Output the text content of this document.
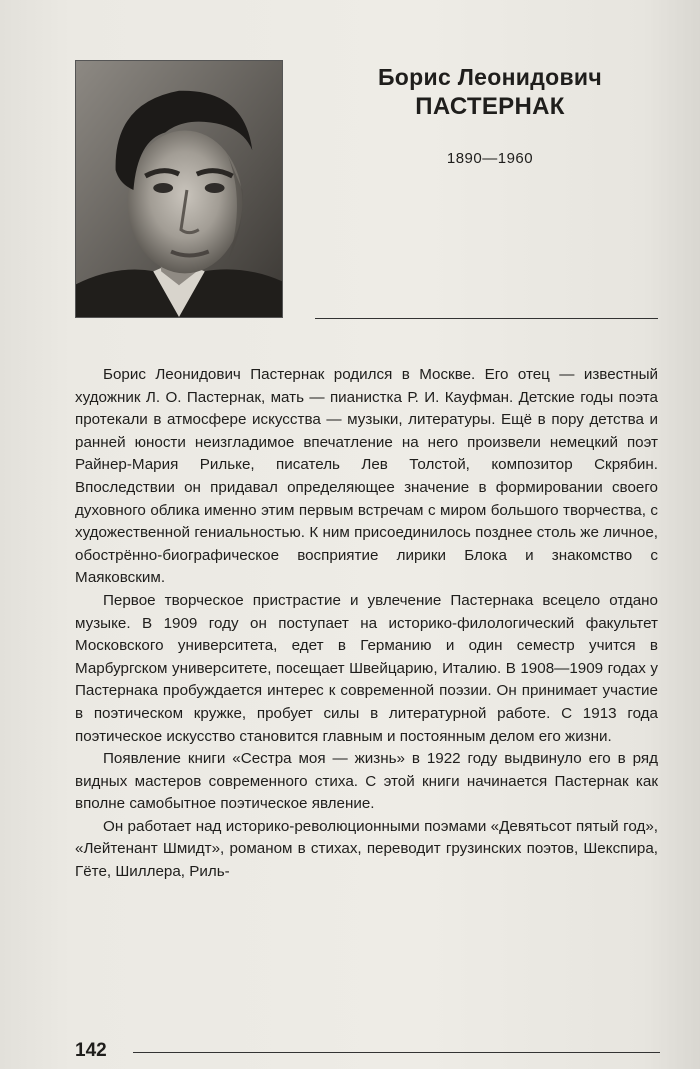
Борис Леонидович
ПАСТЕРНАК
1890—1960

Борис Леонидович Пастернак родился в Москве. Его отец — известный художник Л. О. Пастернак, мать — пианистка Р. И. Кауфман. Детские годы поэта протекали в атмосфере искусства — музыки, литературы. Ещё в пору детства и ранней юности неизгладимое впечатление на него произвели немецкий поэт Райнер-Мария Рильке, писатель Лев Толстой, композитор Скрябин. Впоследствии он придавал определяющее значение в формировании своего духовного облика именно этим первым встречам с миром большого творчества, с художественной гениальностью. К ним присоединилось позднее столь же личное, обострённо-биографическое восприятие лирики Блока и знакомство с Маяковским.

Первое творческое пристрастие и увлечение Пастернака всецело отдано музыке. В 1909 году он поступает на историко-филологический факультет Московского университета, едет в Германию и один семестр учится в Марбургском университете, посещает Швейцарию, Италию. В 1908—1909 годах у Пастернака пробуждается интерес к современной поэзии. Он принимает участие в поэтическом кружке, пробует силы в литературной работе. С 1913 года поэтическое искусство становится главным и постоянным делом его жизни.

Появление книги «Сестра моя — жизнь» в 1922 году выдвинуло его в ряд видных мастеров современного стиха. С этой книги начинается Пастернак как вполне самобытное поэтическое явление.

Он работает над историко-революционными поэмами «Девятьсот пятый год», «Лейтенант Шмидт», романом в стихах, переводит грузинских поэтов, Шекспира, Гёте, Шиллера, Риль-

142
